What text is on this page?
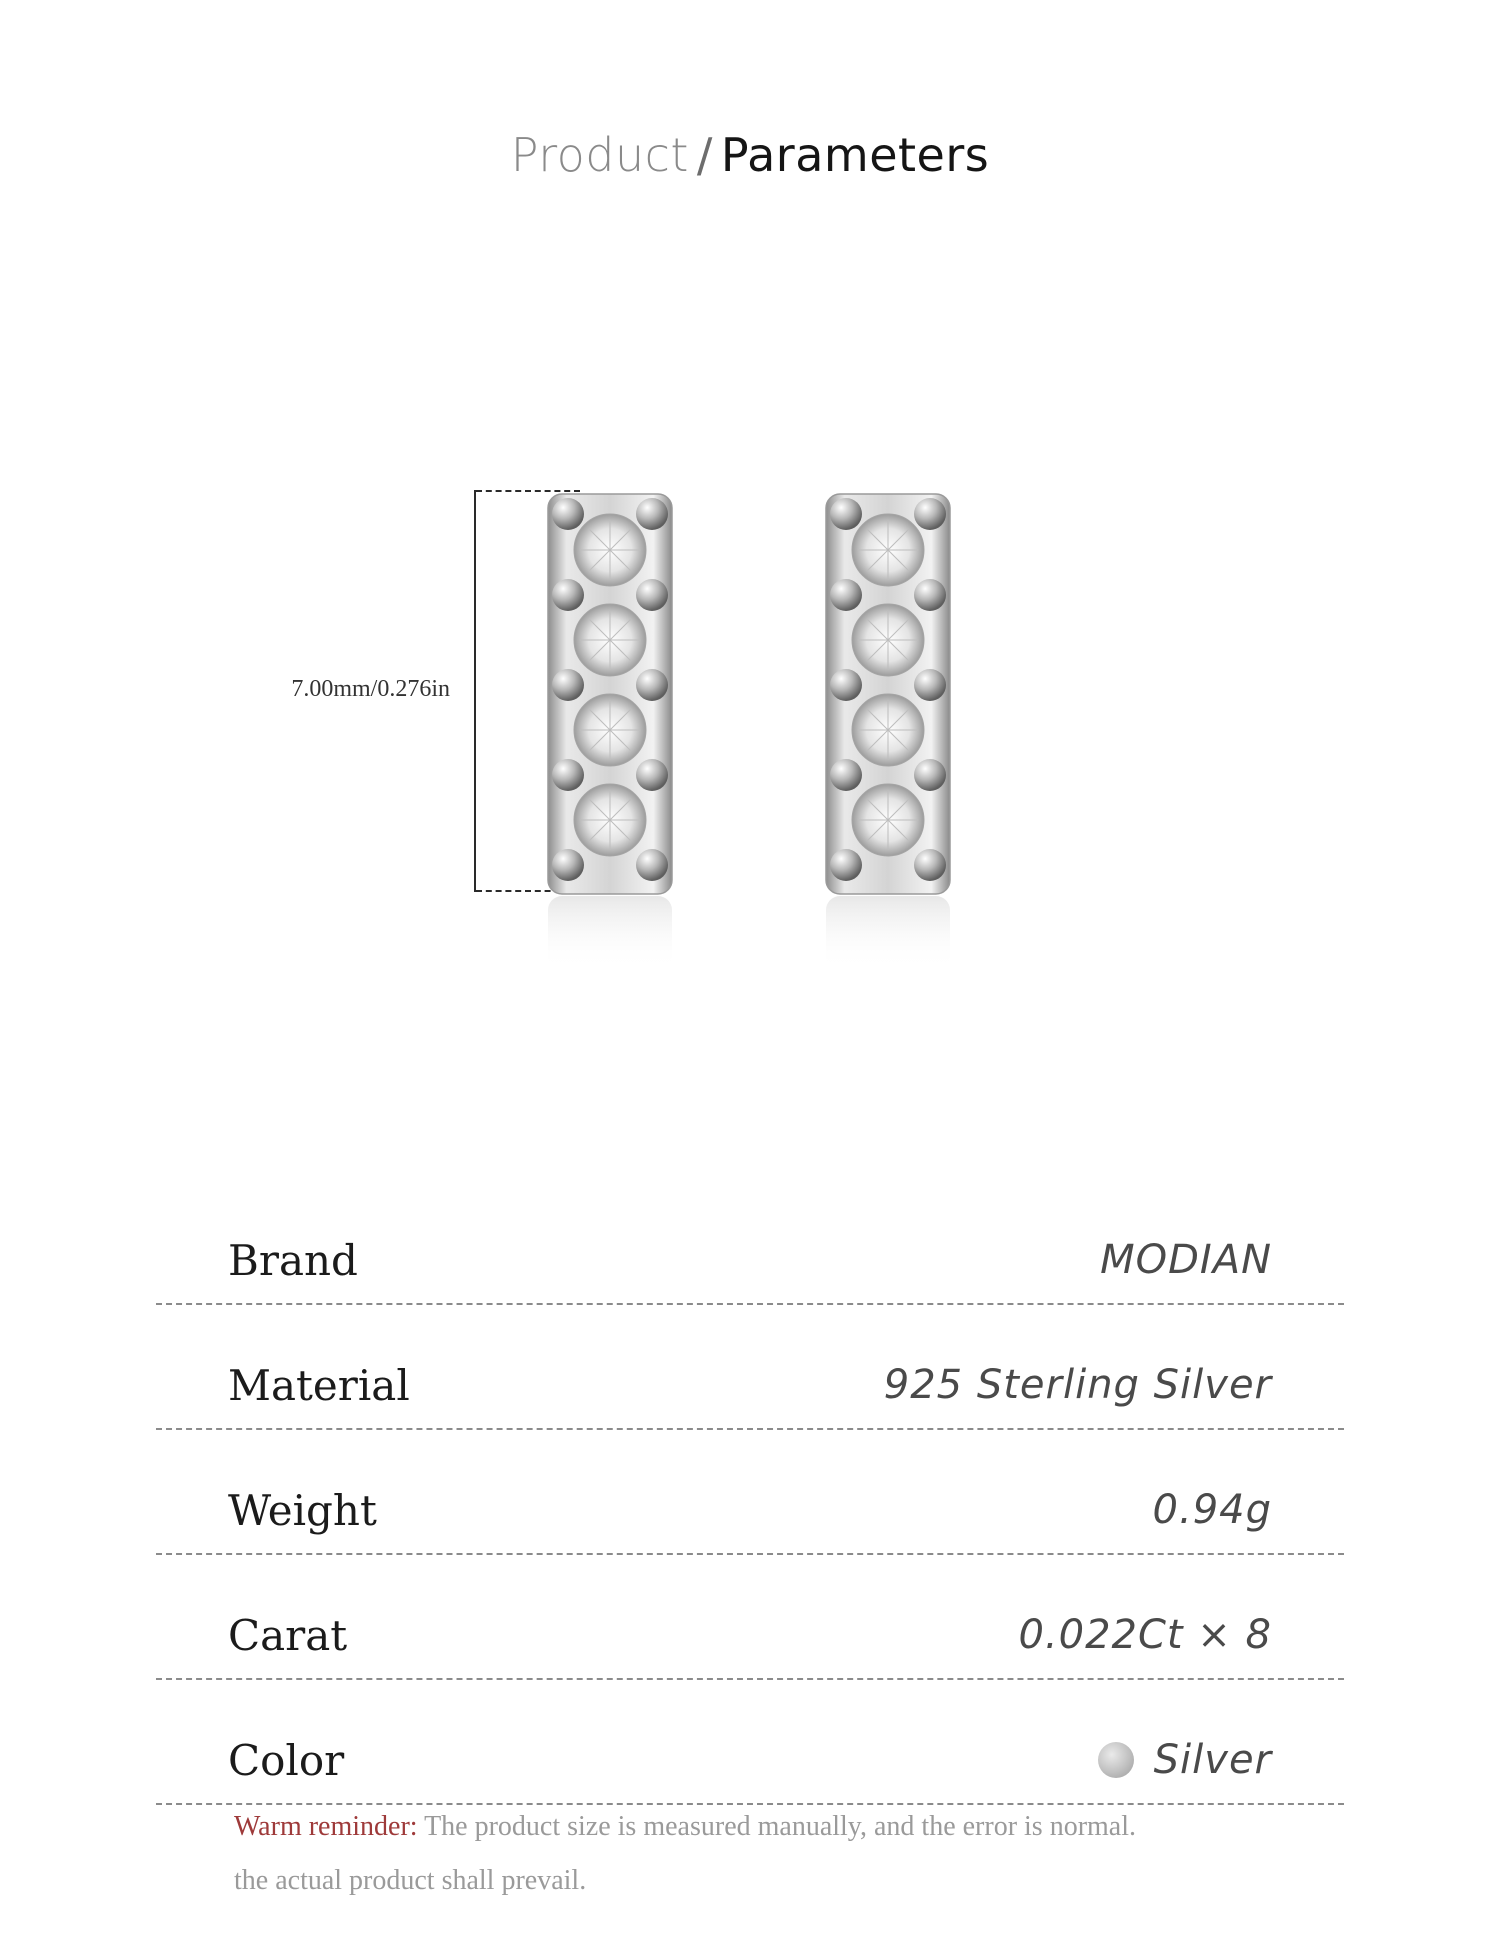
Product / Parameters
7.00mm/0.276in
Brand	MODIAN
Material	925 Sterling Silver
Weight	0.94g
Carat	0.022Ct × 8
Color	Silver
Warm reminder: The product size is measured manually, and the error is normal.
the actual product shall prevail.
